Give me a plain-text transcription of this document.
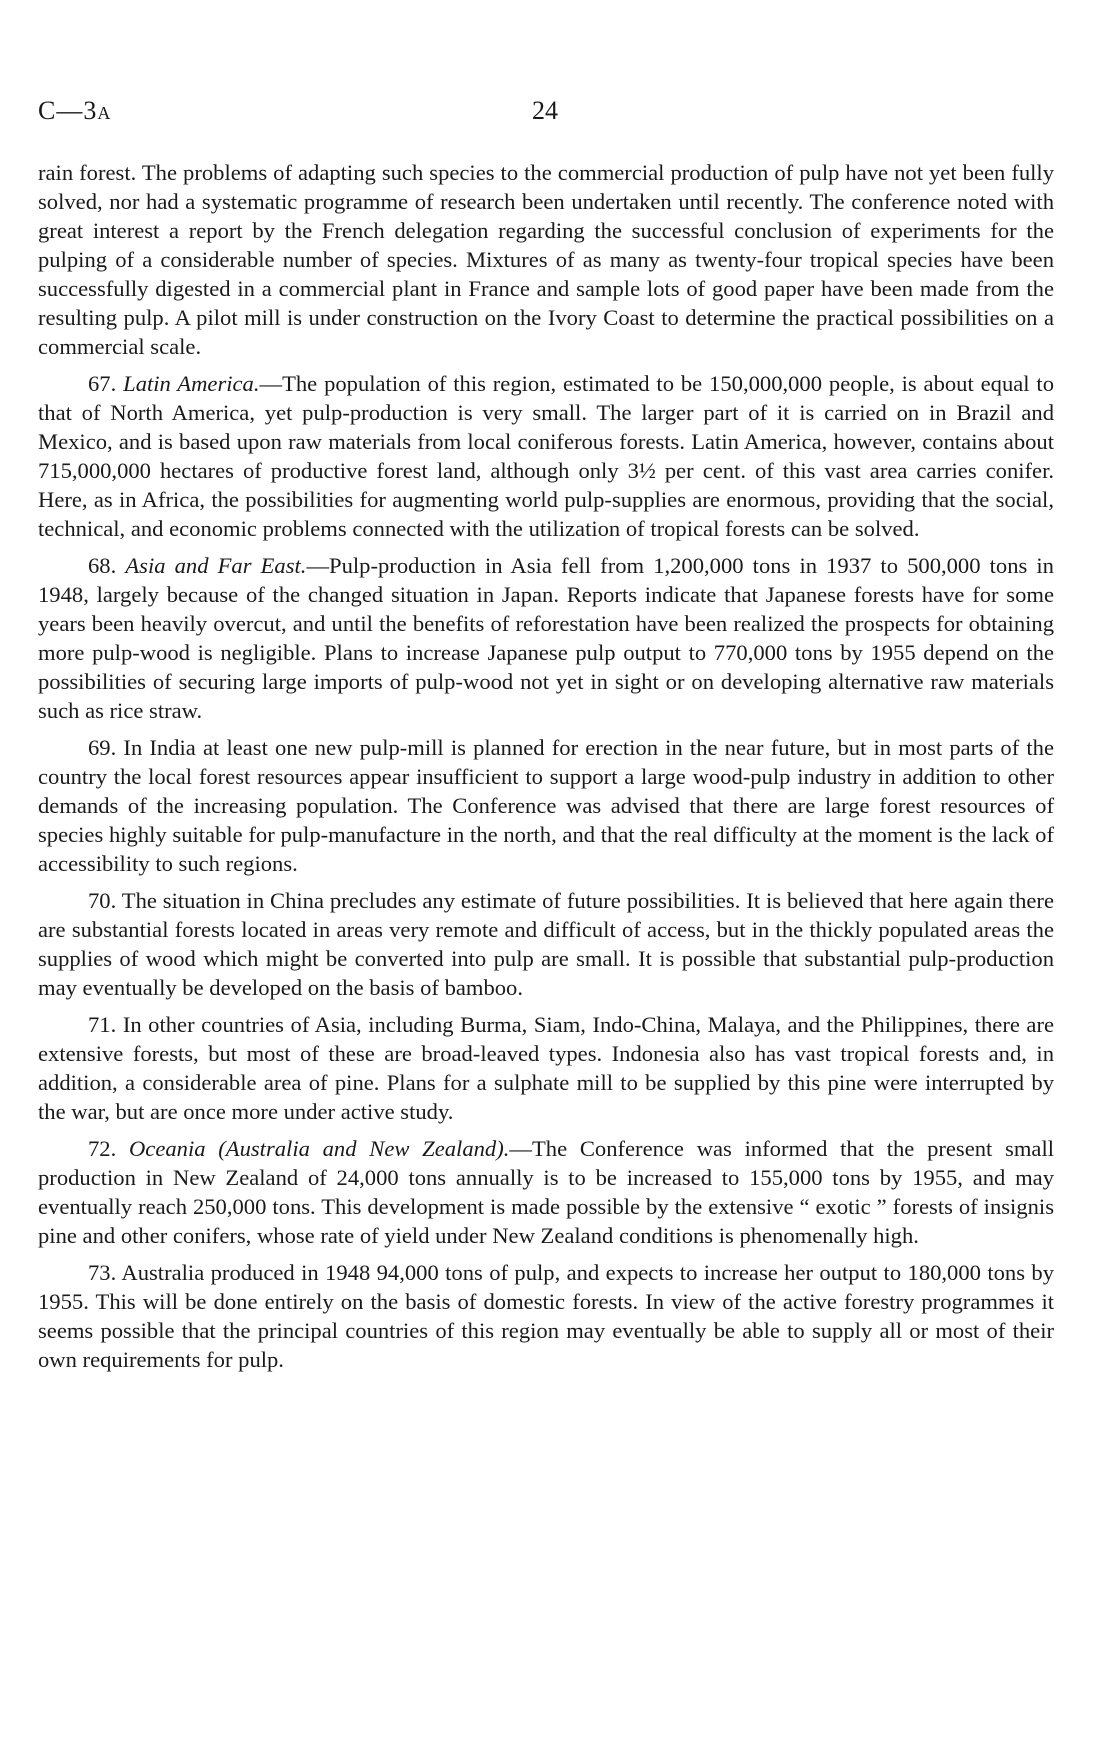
C—3A	24

rain forest. The problems of adapting such species to the commercial production of pulp have not yet been fully solved, nor had a systematic programme of research been undertaken until recently. The conference noted with great interest a report by the French delegation regarding the successful conclusion of experiments for the pulping of a considerable number of species. Mixtures of as many as twenty-four tropical species have been successfully digested in a commercial plant in France and sample lots of good paper have been made from the resulting pulp. A pilot mill is under construction on the Ivory Coast to determine the practical possibilities on a commercial scale.

67. Latin America.—The population of this region, estimated to be 150,000,000 people, is about equal to that of North America, yet pulp-production is very small. The larger part of it is carried on in Brazil and Mexico, and is based upon raw materials from local coniferous forests. Latin America, however, contains about 715,000,000 hectares of productive forest land, although only 3½ per cent. of this vast area carries conifer. Here, as in Africa, the possibilities for augmenting world pulp-supplies are enormous, providing that the social, technical, and economic problems connected with the utilization of tropical forests can be solved.

68. Asia and Far East.—Pulp-production in Asia fell from 1,200,000 tons in 1937 to 500,000 tons in 1948, largely because of the changed situation in Japan. Reports indicate that Japanese forests have for some years been heavily overcut, and until the benefits of reforestation have been realized the prospects for obtaining more pulp-wood is negligible. Plans to increase Japanese pulp output to 770,000 tons by 1955 depend on the possibilities of securing large imports of pulp-wood not yet in sight or on developing alternative raw materials such as rice straw.

69. In India at least one new pulp-mill is planned for erection in the near future, but in most parts of the country the local forest resources appear insufficient to support a large wood-pulp industry in addition to other demands of the increasing population. The Conference was advised that there are large forest resources of species highly suitable for pulp-manufacture in the north, and that the real difficulty at the moment is the lack of accessibility to such regions.

70. The situation in China precludes any estimate of future possibilities. It is believed that here again there are substantial forests located in areas very remote and difficult of access, but in the thickly populated areas the supplies of wood which might be converted into pulp are small. It is possible that substantial pulp-production may eventually be developed on the basis of bamboo.

71. In other countries of Asia, including Burma, Siam, Indo-China, Malaya, and the Philippines, there are extensive forests, but most of these are broad-leaved types. Indonesia also has vast tropical forests and, in addition, a considerable area of pine. Plans for a sulphate mill to be supplied by this pine were interrupted by the war, but are once more under active study.

72. Oceania (Australia and New Zealand).—The Conference was informed that the present small production in New Zealand of 24,000 tons annually is to be increased to 155,000 tons by 1955, and may eventually reach 250,000 tons. This development is made possible by the extensive “ exotic ” forests of insignis pine and other conifers, whose rate of yield under New Zealand conditions is phenomenally high.

73. Australia produced in 1948 94,000 tons of pulp, and expects to increase her output to 180,000 tons by 1955. This will be done entirely on the basis of domestic forests. In view of the active forestry programmes it seems possible that the principal countries of this region may eventually be able to supply all or most of their own requirements for pulp.
